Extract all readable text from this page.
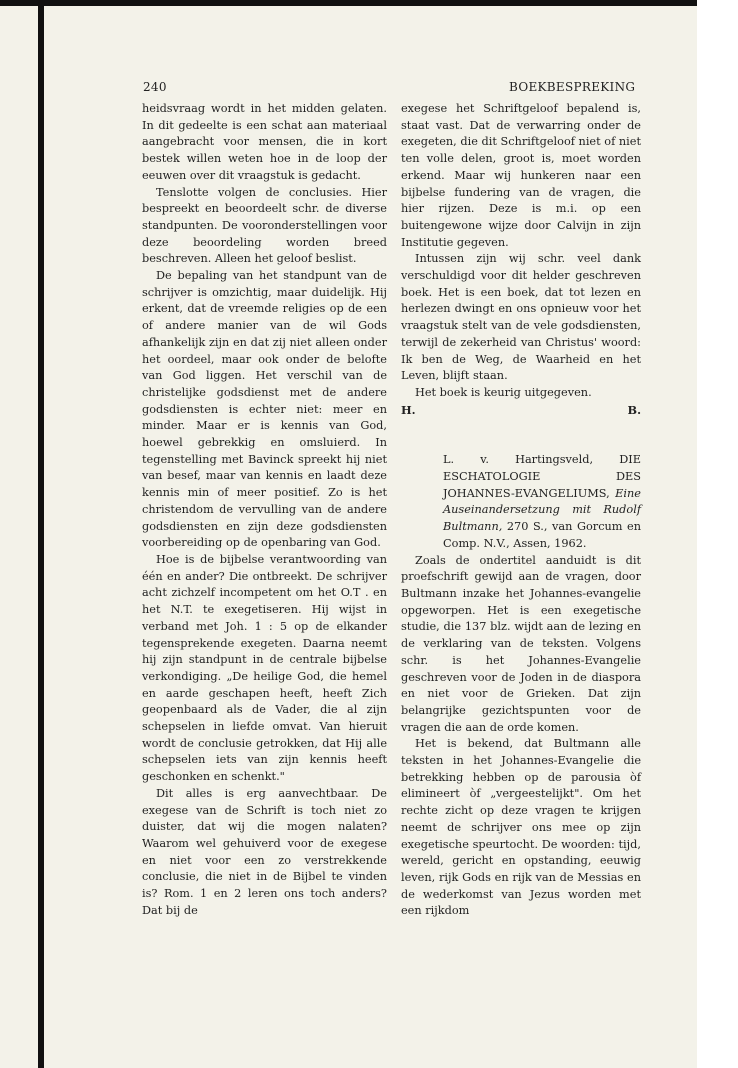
240	BOEKBESPREKING

heidsvraag wordt in het midden gelaten. In dit gedeelte is een schat aan materiaal aangebracht voor mensen, die in kort bestek willen weten hoe in de loop der eeuwen over dit vraagstuk is gedacht.

Tenslotte volgen de conclusies. Hier bespreekt en beoordeelt schr. de diverse standpunten. De vooronderstellingen voor deze beoordeling worden breed beschreven. Alleen het geloof beslist.

De bepaling van het standpunt van de schrijver is omzichtig, maar duidelijk. Hij erkent, dat de vreemde religies op de een of andere manier van de wil Gods afhankelijk zijn en dat zij niet alleen onder het oordeel, maar ook onder de belofte van God liggen. Het verschil van de christelijke godsdienst met de andere godsdiensten is echter niet: meer en minder. Maar er is kennis van God, hoewel gebrekkig en omsluierd. In tegenstelling met Bavinck spreekt hij niet van besef, maar van kennis en laadt deze kennis min of meer positief. Zo is het christendom de vervulling van de andere godsdiensten en zijn deze godsdiensten voorbereiding op de openbaring van God.

Hoe is de bijbelse verantwoording van één en ander? Die ontbreekt. De schrijver acht zichzelf incompetent om het O.T . en het N.T. te exegetiseren. Hij wijst in verband met Joh. 1 : 5 op de elkander tegensprekende exegeten. Daarna neemt hij zijn standpunt in de centrale bijbelse verkondiging. „De heilige God, die hemel en aarde geschapen heeft, heeft Zich geopenbaard als de Vader, die al zijn schepselen in liefde omvat. Van hieruit wordt de conclusie getrokken, dat Hij alle schepselen iets van zijn kennis heeft geschonken en schenkt."

Dit alles is erg aanvechtbaar. De exegese van de Schrift is toch niet zo duister, dat wij die mogen nalaten? Waarom wel gehuiverd voor de exegese en niet voor een zo verstrekkende conclusie, die niet in de Bijbel te vinden is? Rom. 1 en 2 leren ons toch anders? Dat bij de

exegese het Schriftgeloof bepalend is, staat vast. Dat de verwarring onder de exegeten, die dit Schriftgeloof niet of niet ten volle delen, groot is, moet worden erkend. Maar wij hunkeren naar een bijbelse fundering van de vragen, die hier rijzen. Deze is m.i. op een buitengewone wijze door Calvijn in zijn Institutie gegeven.

Intussen zijn wij schr. veel dank verschuldigd voor dit helder geschreven boek. Het is een boek, dat tot lezen en herlezen dwingt en ons opnieuw voor het vraagstuk stelt van de vele godsdiensten, terwijl de zekerheid van Christus' woord: Ik ben de Weg, de Waarheid en het Leven, blijft staan.

Het boek is keurig uitgegeven.

H.	B.
L. v. Hartingsveld, DIE ESCHATOLOGIE DES JOHANNES-EVANGELIUMS, Eine Auseinandersetzung mit Rudolf Bultmann, 270 S., van Gorcum en Comp. N.V., Assen, 1962.

Zoals de ondertitel aanduidt is dit proefschrift gewijd aan de vragen, door Bultmann inzake het Johannes-evangelie opgeworpen. Het is een exegetische studie, die 137 blz. wijdt aan de lezing en de verklaring van de teksten. Volgens schr. is het Johannes-Evangelie geschreven voor de Joden in de diaspora en niet voor de Grieken. Dat zijn belangrijke gezichtspunten voor de vragen die aan de orde komen.

Het is bekend, dat Bultmann alle teksten in het Johannes-Evangelie die betrekking hebben op de parousia òf elimineert òf „vergeestelijkt". Om het rechte zicht op deze vragen te krijgen neemt de schrijver ons mee op zijn exegetische speurtocht. De woorden: tijd, wereld, gericht en opstanding, eeuwig leven, rijk Gods en rijk van de Messias en de wederkomst van Jezus worden met een rijkdom
